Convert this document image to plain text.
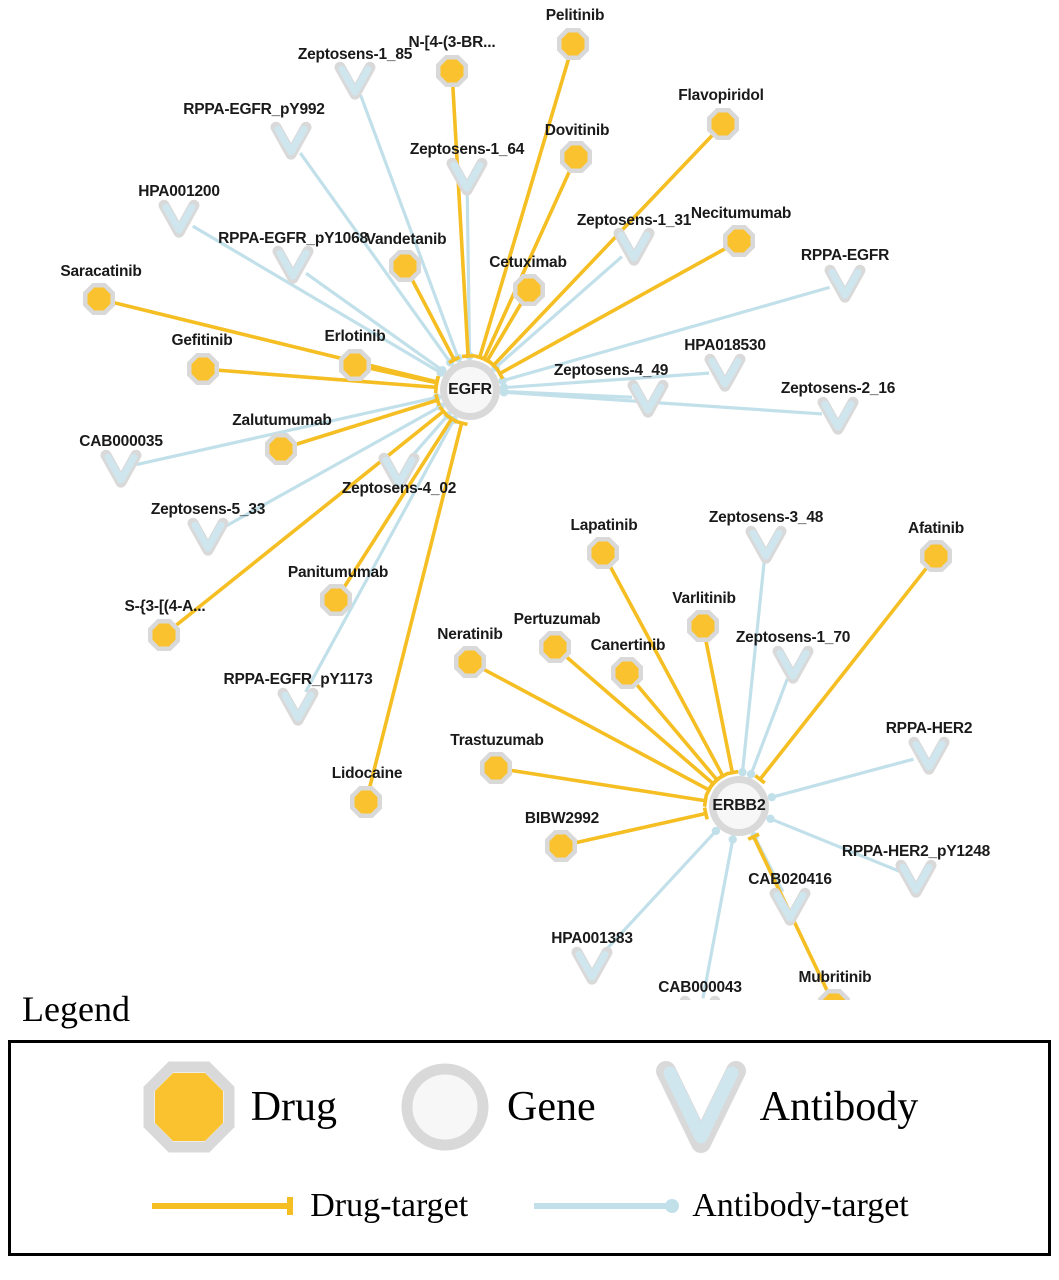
Zeptosens-1_85
RPPA-EGFR_pY992
Zeptosens-1_64
HPA001200
Zeptosens-1_31
RPPA-EGFR_pY1068
RPPA-EGFR
HPA018530
Zeptosens-4_49
Zeptosens-2_16
CAB000035
Zeptosens-4_02
Zeptosens-5_33
RPPA-EGFR_pY1173
Zeptosens-3_48
Zeptosens-1_70
RPPA-HER2
RPPA-HER2_pY1248
CAB020416
HPA001383
CAB000043
Pelitinib
N-[4-(3-BR...
Dovitinib
Flavopiridol
Necitumumab
Vandetanib
Cetuximab
Saracatinib
Gefitinib	Erlotinib
Zalutumumab
Panitumumab
S-{3-[(4-A...
Lidocaine
Lapatinib
Varlitinib
Afatinib
Pertuzumab
Canertinib
Neratinib
Trastuzumab
BIBW2992
Mubritinib
EGFR
ERBB2
Legend
Drug	Gene	Antibody
Drug-target	Antibody-target
